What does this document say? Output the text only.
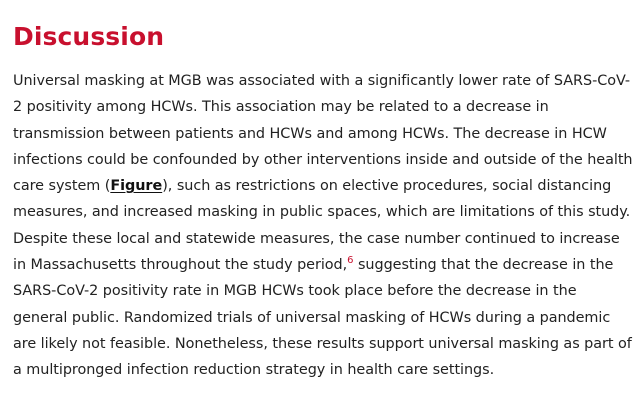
Discussion

Universal masking at MGB was associated with a significantly lower rate of SARS-CoV-2 positivity among HCWs. This association may be related to a decrease in transmission between patients and HCWs and among HCWs. The decrease in HCW infections could be confounded by other interventions inside and outside of the health care system (Figure), such as restrictions on elective procedures, social distancing measures, and increased masking in public spaces, which are limitations of this study. Despite these local and statewide measures, the case number continued to increase in Massachusetts throughout the study period,$^6$ suggesting that the decrease in the SARS-CoV-2 positivity rate in MGB HCWs took place before the decrease in the general public. Randomized trials of universal masking of HCWs during a pandemic are likely not feasible. Nonetheless, these results support universal masking as part of a multipronged infection reduction strategy in health care settings.
